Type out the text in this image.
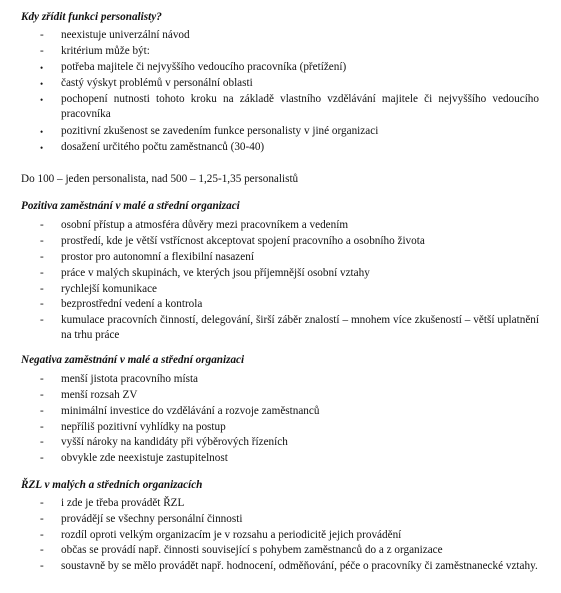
Kdy zřídit funkci personalisty?
-	neexistuje univerzální návod
-	kritérium může být:
•	potřeba majitele či nejvyššího vedoucího pracovníka (přetížení)
•	častý výskyt problémů v personální oblasti
•	pochopení nutnosti tohoto kroku na základě vlastního vzdělávání majitele či nejvyššího vedoucího pracovníka
•	pozitivní zkušenost se zavedením funkce personalisty v jiné organizaci
•	dosažení určitého počtu zaměstnanců (30-40)
Do 100 – jeden personalista, nad 500 – 1,25-1,35 personalistů
Pozitiva zaměstnání v malé a střední organizaci
-	osobní přístup a atmosféra důvěry mezi pracovníkem a vedením
-	prostředí, kde je větší vstřícnost akceptovat spojení pracovního a osobního života
-	prostor pro autonomní a flexibilní nasazení
-	práce v malých skupinách, ve kterých jsou příjemnější osobní vztahy
-	rychlejší komunikace
-	bezprostřední vedení a kontrola
-	kumulace pracovních činností, delegování, širší záběr znalostí – mnohem více zkušeností – větší uplatnění na trhu práce
Negativa zaměstnání v malé a střední organizaci
-	menší jistota pracovního místa
-	menší rozsah ZV
-	minimální investice do vzdělávání a rozvoje zaměstnanců
-	nepříliš pozitivní vyhlídky na postup
-	vyšší nároky na kandidáty při výběrových řízeních
-	obvykle zde neexistuje zastupitelnost
ŘZL v malých a středních organizacích
-	i zde je třeba provádět ŘZL
-	provádějí se všechny personální činnosti
-	rozdíl oproti velkým organizacím je v rozsahu a periodicitě jejich provádění
-	občas se provádí např. činnosti související s pohybem zaměstnanců do a z organizace
-	soustavně by se mělo provádět např. hodnocení, odměňování, péče o pracovníky či zaměstnanecké vztahy.
